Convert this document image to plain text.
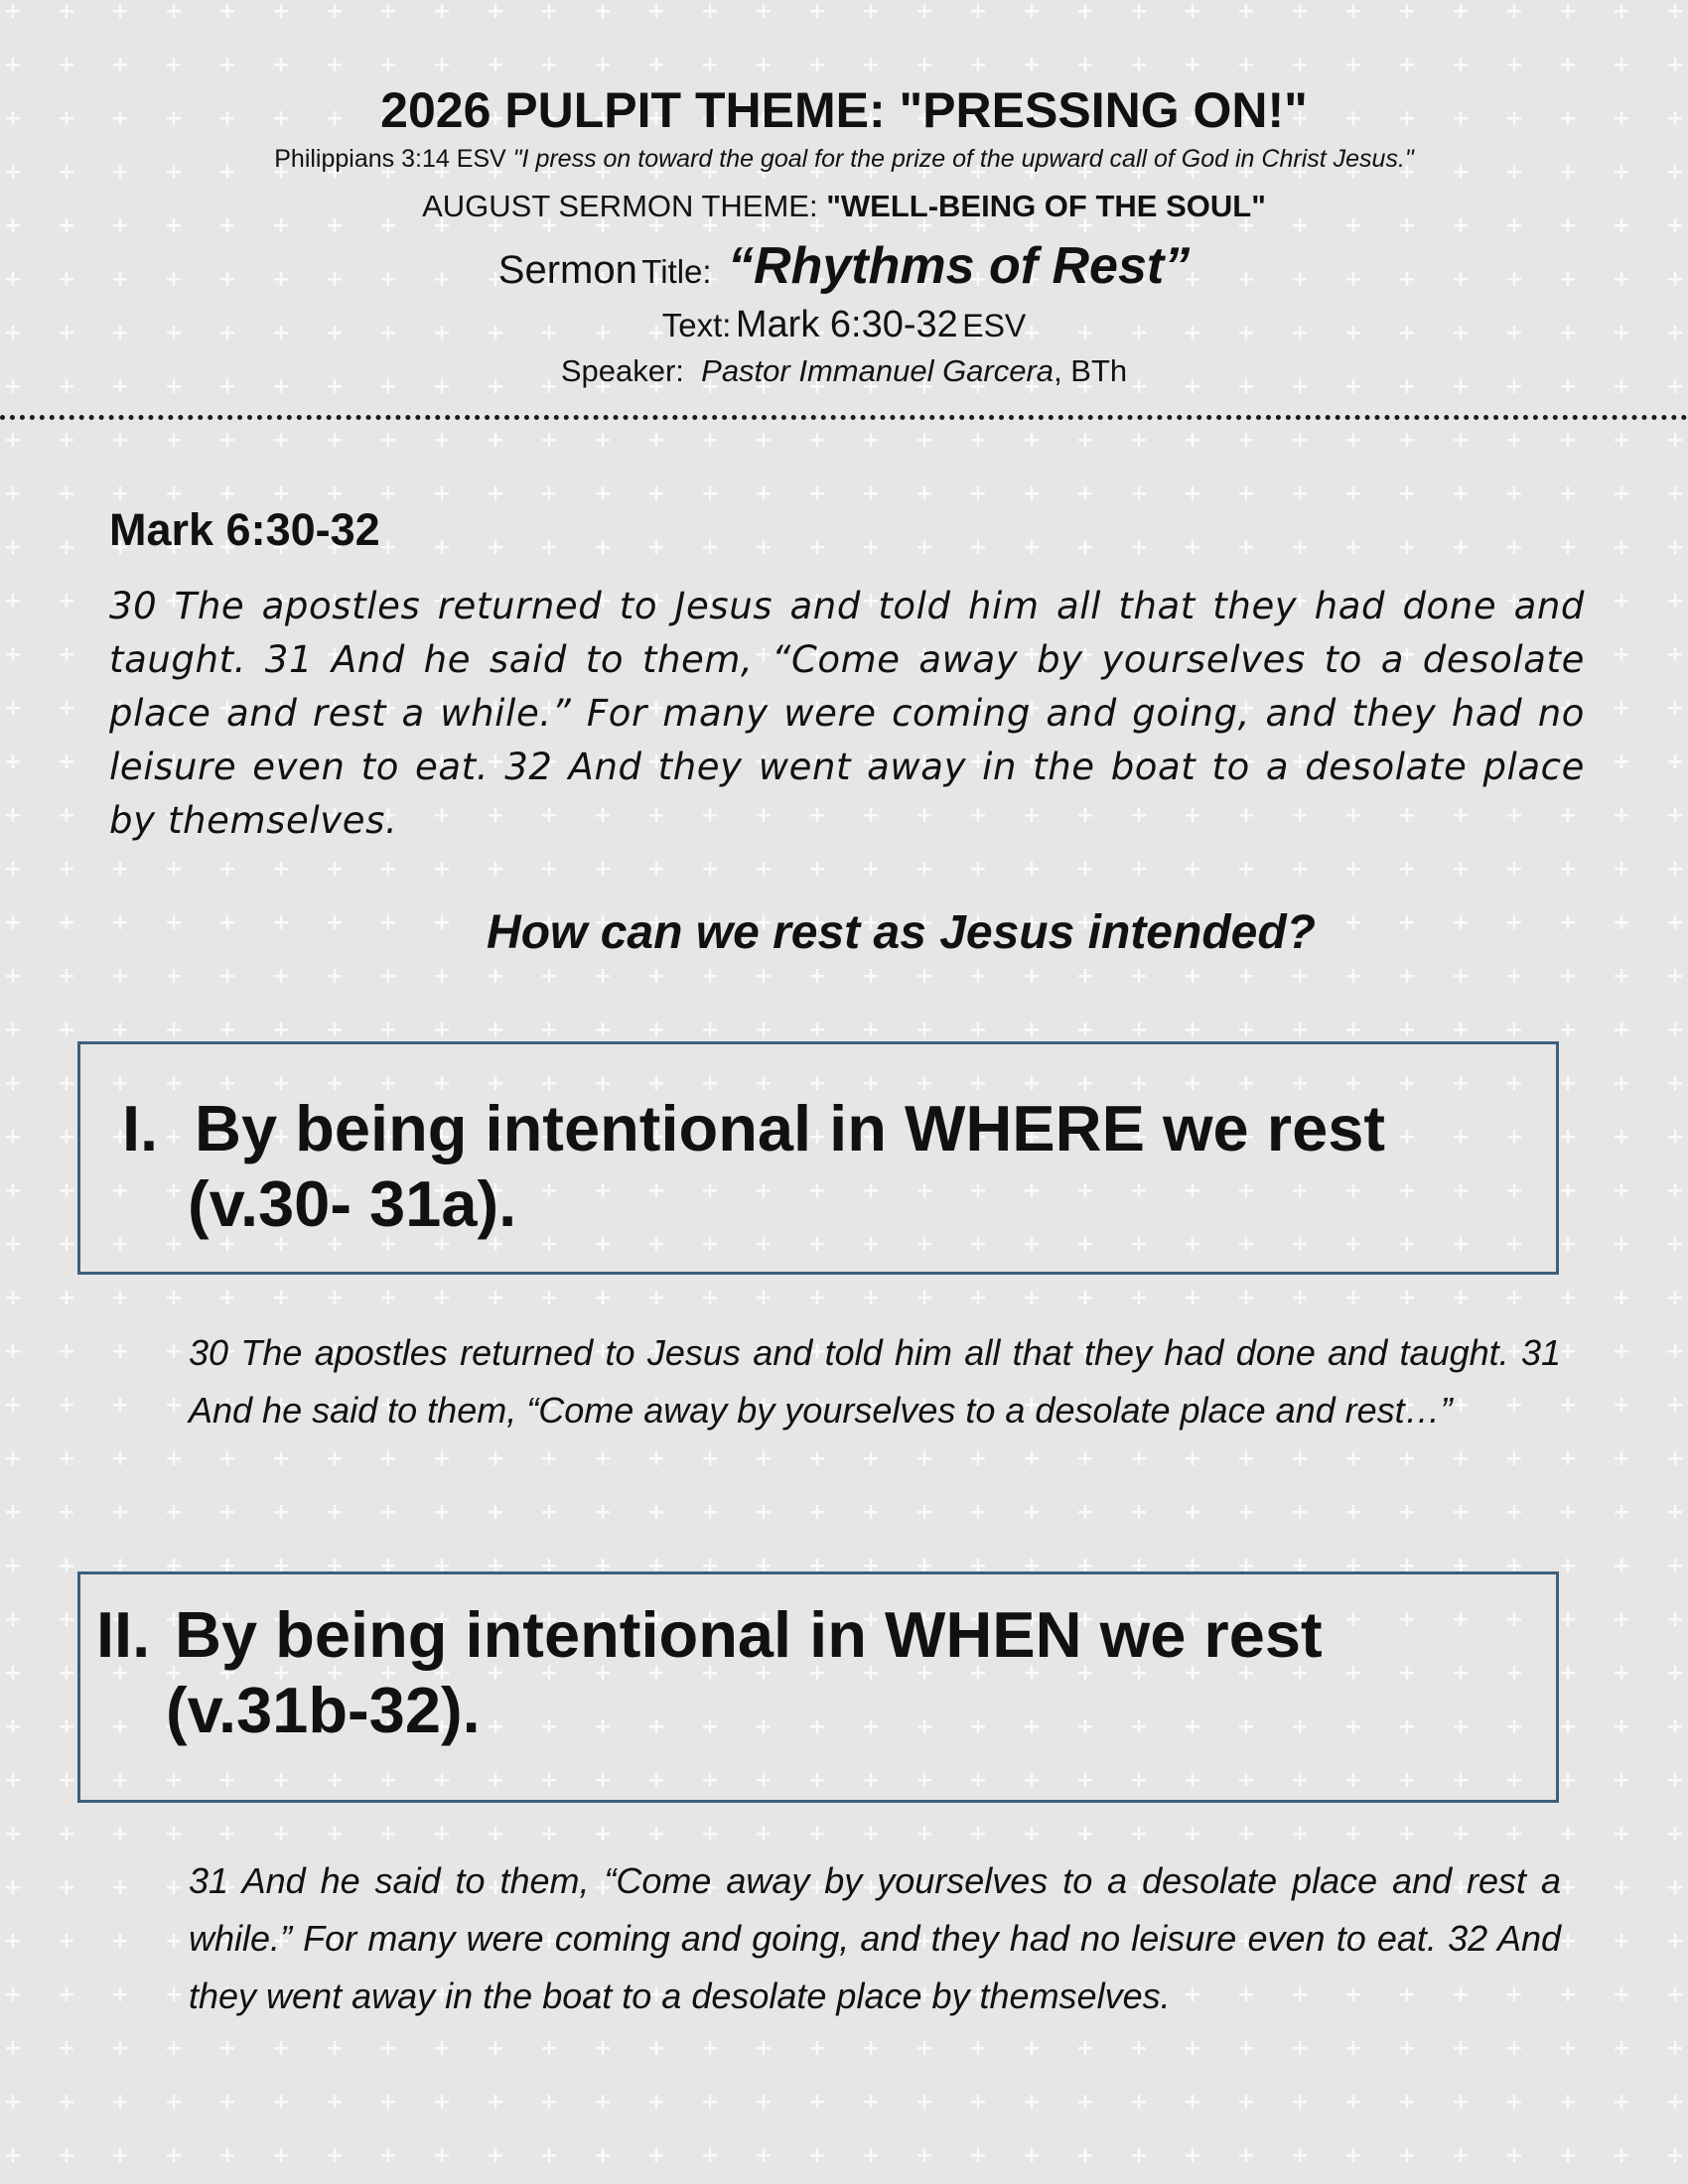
2026 PULPIT THEME: "PRESSING ON!"
Philippians 3:14 ESV "I press on toward the goal for the prize of the upward call of God in Christ Jesus."
AUGUST SERMON THEME: "WELL-BEING OF THE SOUL"
Sermon Title: “Rhythms of Rest”
Text: Mark 6:30-32 ESV
Speaker: Pastor Immanuel Garcera, BTh
Mark 6:30-32
30 The apostles returned to Jesus and told him all that they had done and taught. 31 And he said to them, “Come away by yourselves to a desolate place and rest a while.” For many were coming and going, and they had no leisure even to eat. 32 And they went away in the boat to a desolate place by themselves.
How can we rest as Jesus intended?
I. By being intentional in WHERE we rest
(v.30- 31a).
30 The apostles returned to Jesus and told him all that they had done and taught. 31 And he said to them, “Come away by yourselves to a desolate place and rest…”
II. By being intentional in WHEN we rest
(v.31b-32).
31 And he said to them, “Come away by yourselves to a desolate place and rest a while.” For many were coming and going, and they had no leisure even to eat. 32 And they went away in the boat to a desolate place by themselves.
